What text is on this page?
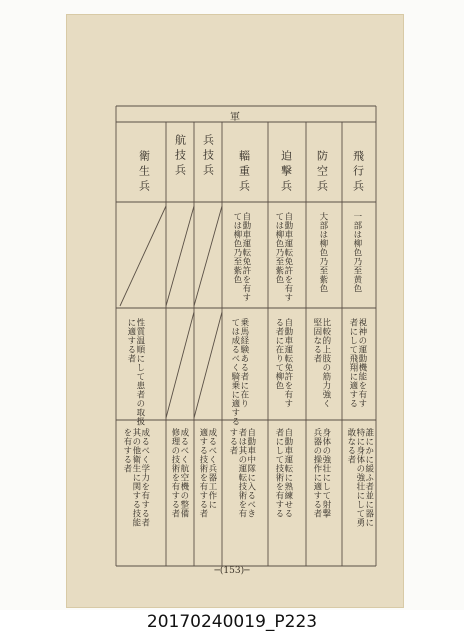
軍
飛行兵
防空兵
迫撃兵
輜重兵
兵技兵
航技兵
衛生兵
一部は柳色乃至黄色
大部は柳色乃至紫色
自動車運転免許を有す
ては柳色乃至紫色
自動車運転免許を有す
ては柳色乃至紫色
視神の運動機能を有す
者にして飛翔に適する
比較的上肢の筋力強く
堅固なる者
自動車運転免許を有す
る者に在りて柳色
乗馬経験ある者に在り
ては成るべく騎乗に適する
性質温順にして患者の取扱
に適する者
誰にかに緩ふ者並に器に
特に身体の強壮にして勇
敢なる者
身体の強壮にして射撃
兵器の操作に適する者
自動車運転に熟練せる
者にして技術を有する
自動車中隊に入るべき
者は其の運転技術を有
する者
成るべく兵器工作に
適する技術を有する者
成るべく航空機の整備
修理の技術を有する者
成るべく学力を有する者
其の他衛生に関する技能
を有する者
─(153)─
20170240019_P223
